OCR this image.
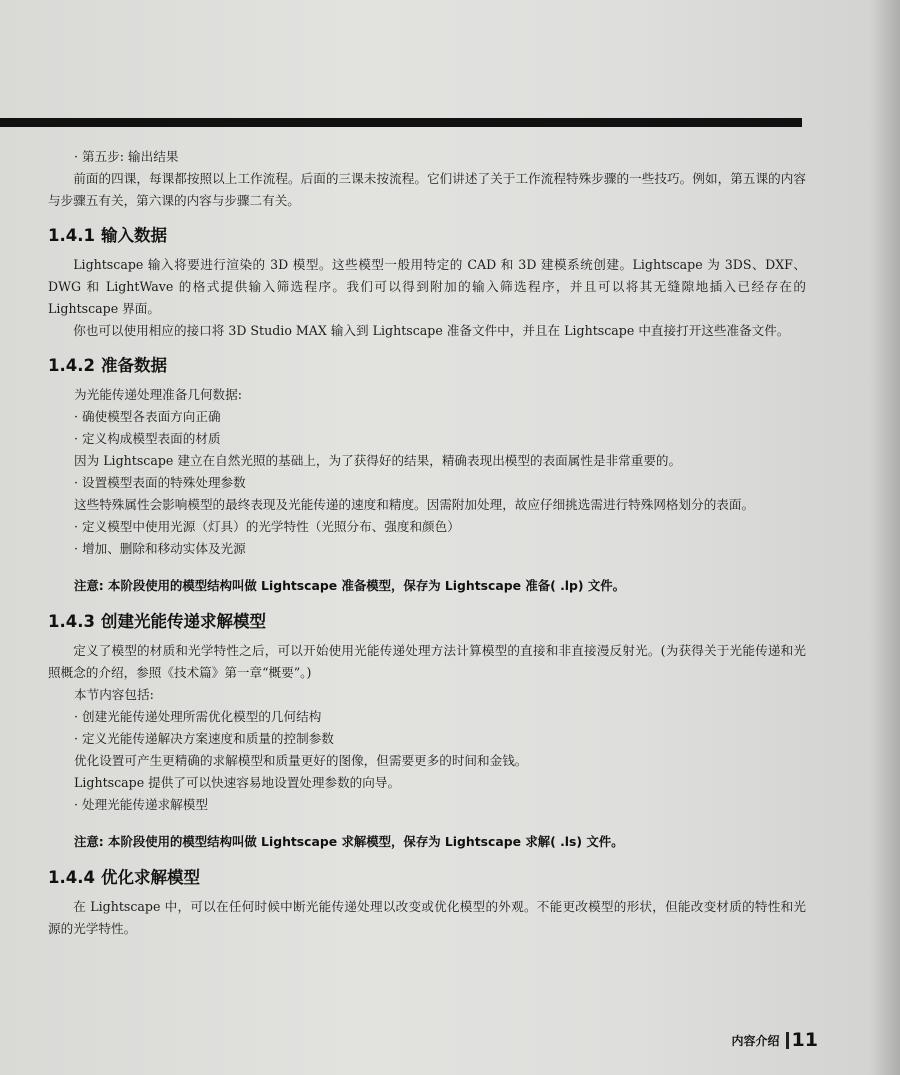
· 第五步: 输出结果

前面的四课，每课都按照以上工作流程。后面的三课未按流程。它们讲述了关于工作流程特殊步骤的一些技巧。例如，第五课的内容与步骤五有关，第六课的内容与步骤二有关。

1.4.1 输入数据

Lightscape 输入将要进行渲染的 3D 模型。这些模型一般用特定的 CAD 和 3D 建模系统创建。Lightscape 为 3DS、DXF、DWG 和 LightWave 的格式提供输入筛选程序。我们可以得到附加的输入筛选程序，并且可以将其无缝隙地插入已经存在的 Lightscape 界面。

你也可以使用相应的接口将 3D Studio MAX 输入到 Lightscape 准备文件中，并且在 Lightscape 中直接打开这些准备文件。

1.4.2 准备数据

为光能传递处理准备几何数据:

· 确使模型各表面方向正确

· 定义构成模型表面的材质

因为 Lightscape 建立在自然光照的基础上，为了获得好的结果，精确表现出模型的表面属性是非常重要的。

· 设置模型表面的特殊处理参数

这些特殊属性会影响模型的最终表现及光能传递的速度和精度。因需附加处理，故应仔细挑选需进行特殊网格划分的表面。

· 定义模型中使用光源（灯具）的光学特性（光照分布、强度和颜色）

· 增加、删除和移动实体及光源

注意: 本阶段使用的模型结构叫做 Lightscape 准备模型，保存为 Lightscape 准备( .lp) 文件。

1.4.3 创建光能传递求解模型

定义了模型的材质和光学特性之后，可以开始使用光能传递处理方法计算模型的直接和非直接漫反射光。(为获得关于光能传递和光照概念的介绍，参照《技术篇》第一章“概要”。)

本节内容包括:

· 创建光能传递处理所需优化模型的几何结构

· 定义光能传递解决方案速度和质量的控制参数

优化设置可产生更精确的求解模型和质量更好的图像，但需要更多的时间和金钱。

Lightscape 提供了可以快速容易地设置处理参数的向导。

· 处理光能传递求解模型

注意: 本阶段使用的模型结构叫做 Lightscape 求解模型，保存为 Lightscape 求解( .ls) 文件。

1.4.4 优化求解模型

在 Lightscape 中，可以在任何时候中断光能传递处理以改变或优化模型的外观。不能更改模型的形状，但能改变材质的特性和光源的光学特性。

内容介绍 11
